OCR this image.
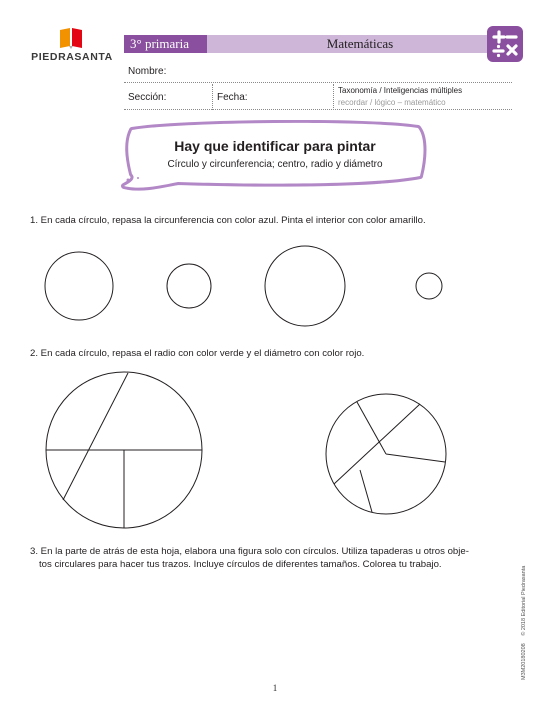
PIEDRASANTA
3° primaria	Matemáticas
Nombre:
Sección:	Fecha:
Taxonomía / Inteligencias múltiples
recordar / lógico – matemático
Hay que identificar para pintar
Círculo y circunferencia; centro, radio y diámetro
1. En cada círculo, repasa la circunferencia con color azul. Pinta el interior con color amarillo.
2. En cada círculo, repasa el radio con color verde y el diámetro con color rojo.
3. En la parte de atrás de esta hoja, elabora una figura solo con círculos. Utiliza tapaderas u otros obje-
tos circulares para hacer tus trazos. Incluye círculos de diferentes tamaños. Colorea tu trabajo.
M3M20180208 © 2018 Editorial Piedrasanta
1
